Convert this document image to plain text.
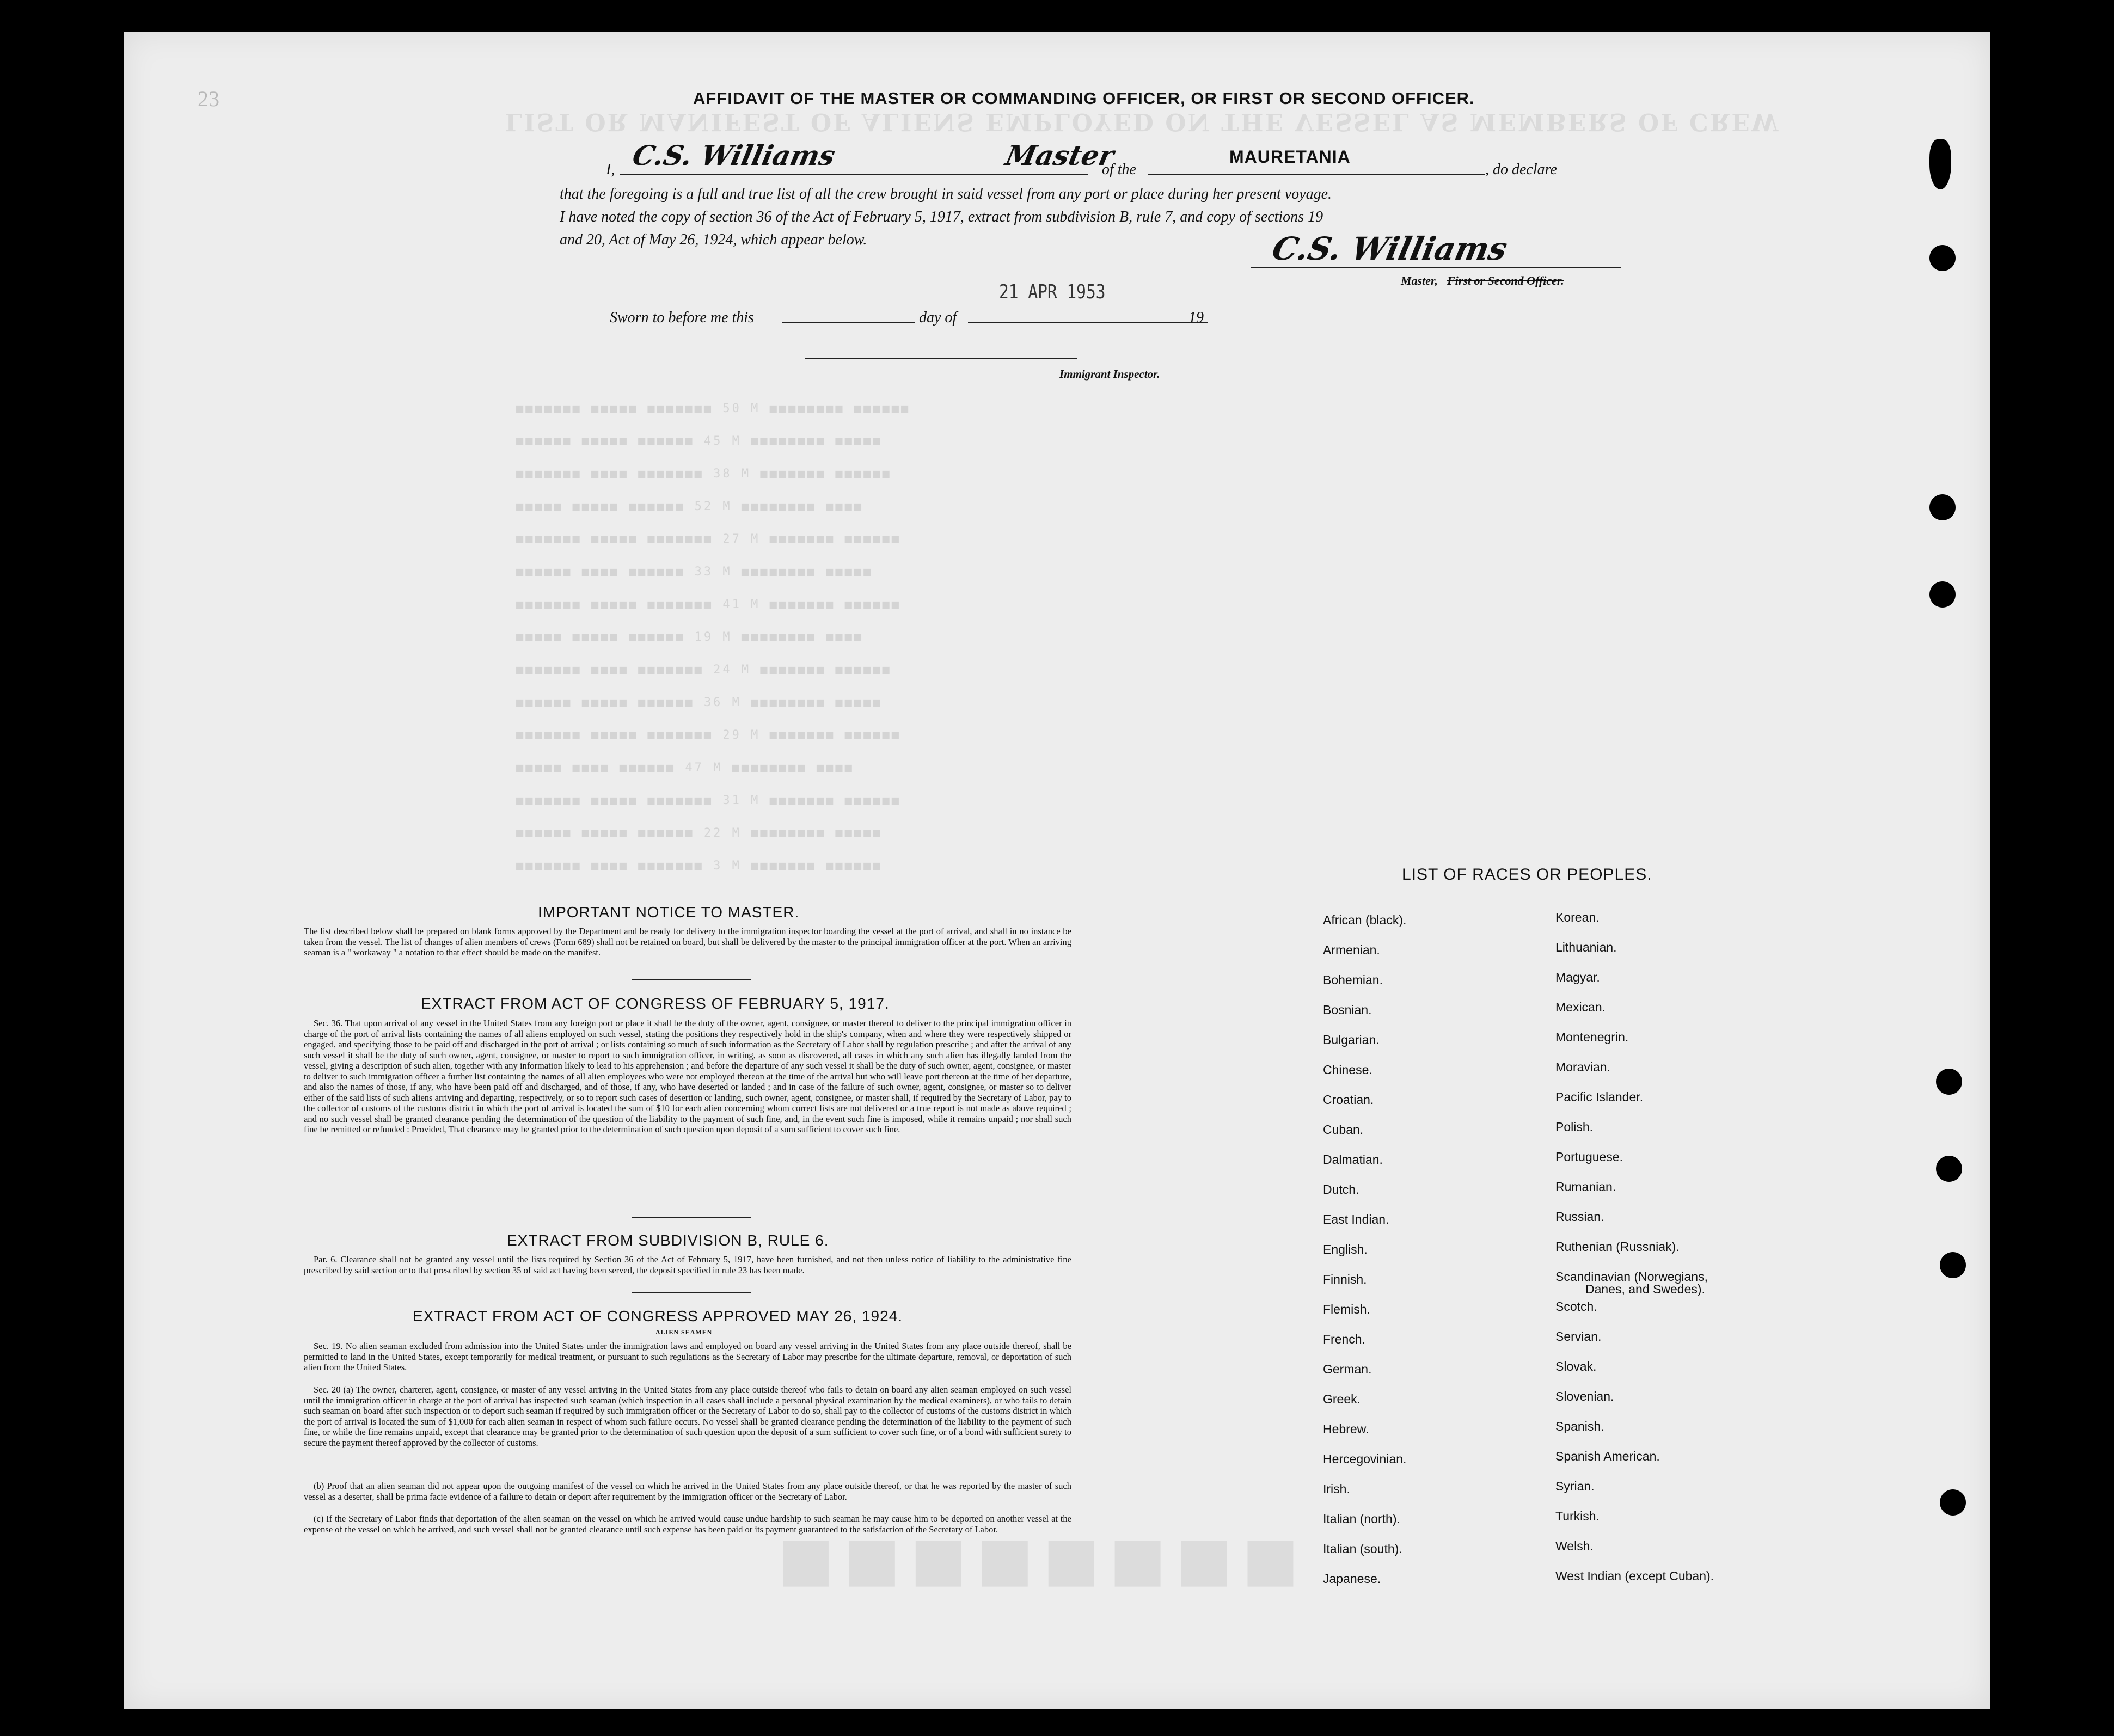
LIST OR MANIFEST OF ALIENS EMPLOYED ON THE VESSEL AS MEMBERS OF CREW
■■■■■■■ ■■■■■ ■■■■■■■ 50 M ■■■■■■■■ ■■■■■■
■■■■■■ ■■■■■ ■■■■■■ 45 M ■■■■■■■■ ■■■■■
■■■■■■■ ■■■■ ■■■■■■■ 38 M ■■■■■■■ ■■■■■■
■■■■■ ■■■■■ ■■■■■■ 52 M ■■■■■■■■ ■■■■
■■■■■■■ ■■■■■ ■■■■■■■ 27 M ■■■■■■■ ■■■■■■
■■■■■■ ■■■■ ■■■■■■ 33 M ■■■■■■■■ ■■■■■
■■■■■■■ ■■■■■ ■■■■■■■ 41 M ■■■■■■■ ■■■■■■
■■■■■ ■■■■■ ■■■■■■ 19 M ■■■■■■■■ ■■■■
■■■■■■■ ■■■■ ■■■■■■■ 24 M ■■■■■■■ ■■■■■■
■■■■■■ ■■■■■ ■■■■■■ 36 M ■■■■■■■■ ■■■■■
■■■■■■■ ■■■■■ ■■■■■■■ 29 M ■■■■■■■ ■■■■■■
■■■■■ ■■■■ ■■■■■■ 47 M ■■■■■■■■ ■■■■
■■■■■■■ ■■■■■ ■■■■■■■ 31 M ■■■■■■■ ■■■■■■
■■■■■■ ■■■■■ ■■■■■■ 22 M ■■■■■■■■ ■■■■■
■■■■■■■ ■■■■ ■■■■■■■ 3 M ■■■■■■■ ■■■■■■
■■■■■■■■
23	AFFIDAVIT OF THE MASTER OR COMMANDING OFFICER, OR FIRST OR SECOND OFFICER.
I, C.S. Williams	Master
of the
MAURETANIA
, do declare
that the foregoing is a full and true list of all the crew brought in said vessel from any port or place during her present voyage.
I have noted the copy of section 36 of the Act of February 5, 1917, extract from subdivision B, rule 7, and copy of sections 19
and 20, Act of May 26, 1924, which appear below.	C.S. Williams
Master, First or Second Officer.
21 APR 1953
Sworn to before me this	day of	19
Immigrant Inspector.
IMPORTANT NOTICE TO MASTER.
The list described below shall be prepared on blank forms approved by the Department and be ready for delivery to the immigration inspector boarding the vessel at the port of arrival, and shall in no instance be taken from the vessel. The list of changes of alien members of crews (Form 689) shall not be retained on board, but shall be delivered by the master to the principal immigration officer at the port. When an arriving seaman is a " workaway " a notation to that effect should be made on the manifest.
EXTRACT FROM ACT OF CONGRESS OF FEBRUARY 5, 1917.
Sec. 36. That upon arrival of any vessel in the United States from any foreign port or place it shall be the duty of the owner, agent, consignee, or master thereof to deliver to the principal immigration officer in charge of the port of arrival lists containing the names of all aliens employed on such vessel, stating the positions they respectively hold in the ship's company, when and where they were respectively shipped or engaged, and specifying those to be paid off and discharged in the port of arrival ; or lists containing so much of such information as the Secretary of Labor shall by regulation prescribe ; and after the arrival of any such vessel it shall be the duty of such owner, agent, consignee, or master to report to such immigration officer, in writing, as soon as discovered, all cases in which any such alien has illegally landed from the vessel, giving a description of such alien, together with any information likely to lead to his apprehension ; and before the departure of any such vessel it shall be the duty of such owner, agent, consignee, or master to deliver to such immigration officer a further list containing the names of all alien employees who were not employed thereon at the time of the arrival but who will leave port thereon at the time of her departure, and also the names of those, if any, who have been paid off and discharged, and of those, if any, who have deserted or landed ; and in case of the failure of such owner, agent, consignee, or master so to deliver either of the said lists of such aliens arriving and departing, respectively, or so to report such cases of desertion or landing, such owner, agent, consignee, or master shall, if required by the Secretary of Labor, pay to the collector of customs of the customs district in which the port of arrival is located the sum of $10 for each alien concerning whom correct lists are not delivered or a true report is not made as above required ; and no such vessel shall be granted clearance pending the determination of the question of the liability to the payment of such fine, and, in the event such fine is imposed, while it remains unpaid ; nor shall such fine be remitted or refunded : Provided, That clearance may be granted prior to the determination of such question upon deposit of a sum sufficient to cover such fine.
EXTRACT FROM SUBDIVISION B, RULE 6.
Par. 6. Clearance shall not be granted any vessel until the lists required by Section 36 of the Act of February 5, 1917, have been furnished, and not then unless notice of liability to the administrative fine prescribed by said section or to that prescribed by section 35 of said act having been served, the deposit specified in rule 23 has been made.
EXTRACT FROM ACT OF CONGRESS APPROVED MAY 26, 1924.
ALIEN SEAMEN
Sec. 19. No alien seaman excluded from admission into the United States under the immigration laws and employed on board any vessel arriving in the United States from any place outside thereof, shall be permitted to land in the United States, except temporarily for medical treatment, or pursuant to such regulations as the Secretary of Labor may prescribe for the ultimate departure, removal, or deportation of such alien from the United States.
Sec. 20 (a) The owner, charterer, agent, consignee, or master of any vessel arriving in the United States from any place outside thereof who fails to detain on board any alien seaman employed on such vessel until the immigration officer in charge at the port of arrival has inspected such seaman (which inspection in all cases shall include a personal physical examination by the medical examiners), or who fails to detain such seaman on board after such inspection or to deport such seaman if required by such immigration officer or the Secretary of Labor to do so, shall pay to the collector of customs of the customs district in which the port of arrival is located the sum of $1,000 for each alien seaman in respect of whom such failure occurs. No vessel shall be granted clearance pending the determination of the liability to the payment of such fine, or while the fine remains unpaid, except that clearance may be granted prior to the determination of such question upon the deposit of a sum sufficient to cover such fine, or of a bond with sufficient surety to secure the payment thereof approved by the collector of customs.
(b) Proof that an alien seaman did not appear upon the outgoing manifest of the vessel on which he arrived in the United States from any place outside thereof, or that he was reported by the master of such vessel as a deserter, shall be prima facie evidence of a failure to detain or deport after requirement by the immigration officer or the Secretary of Labor.
(c) If the Secretary of Labor finds that deportation of the alien seaman on the vessel on which he arrived would cause undue hardship to such seaman he may cause him to be deported on another vessel at the expense of the vessel on which he arrived, and such vessel shall not be granted clearance until such expense has been paid or its payment guaranteed to the satisfaction of the Secretary of Labor.
LIST OF RACES OR PEOPLES.
African (black).
Armenian.
Bohemian.
Bosnian.
Bulgarian.
Chinese.
Croatian.
Cuban.
Dalmatian.
Dutch.
East Indian.
English.
Finnish.
Flemish.
French.
German.
Greek.
Hebrew.
Hercegovinian.
Irish.
Italian (north).
Italian (south).
Japanese.
Korean.
Lithuanian.
Magyar.
Mexican.
Montenegrin.
Moravian.
Pacific Islander.
Polish.
Portuguese.
Rumanian.
Russian.
Ruthenian (Russniak).
Scandinavian (Norwegians,
Danes, and Swedes).
Scotch.
Servian.
Slovak.
Slovenian.
Spanish.
Spanish American.
Syrian.
Turkish.
Welsh.
West Indian (except Cuban).
